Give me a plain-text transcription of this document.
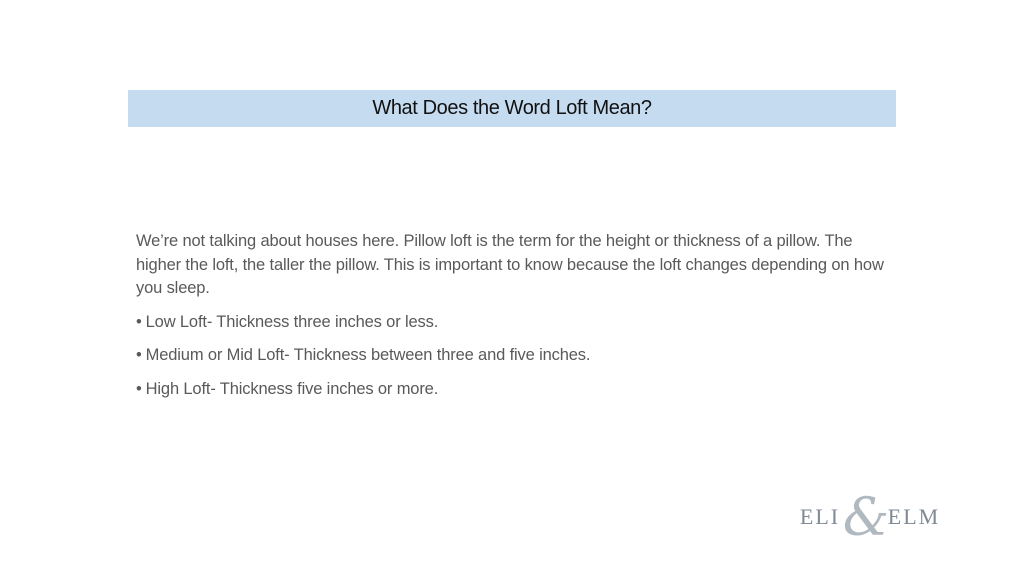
What Does the Word Loft Mean?

We’re not talking about houses here. Pillow loft is the term for the height or thickness of a pillow. The higher the loft, the taller the pillow. This is important to know because the loft changes depending on how you sleep.

• Low Loft- Thickness three inches or less.
• Medium or Mid Loft- Thickness between three and five inches.
• High Loft- Thickness five inches or more.
&
ELI ELM
